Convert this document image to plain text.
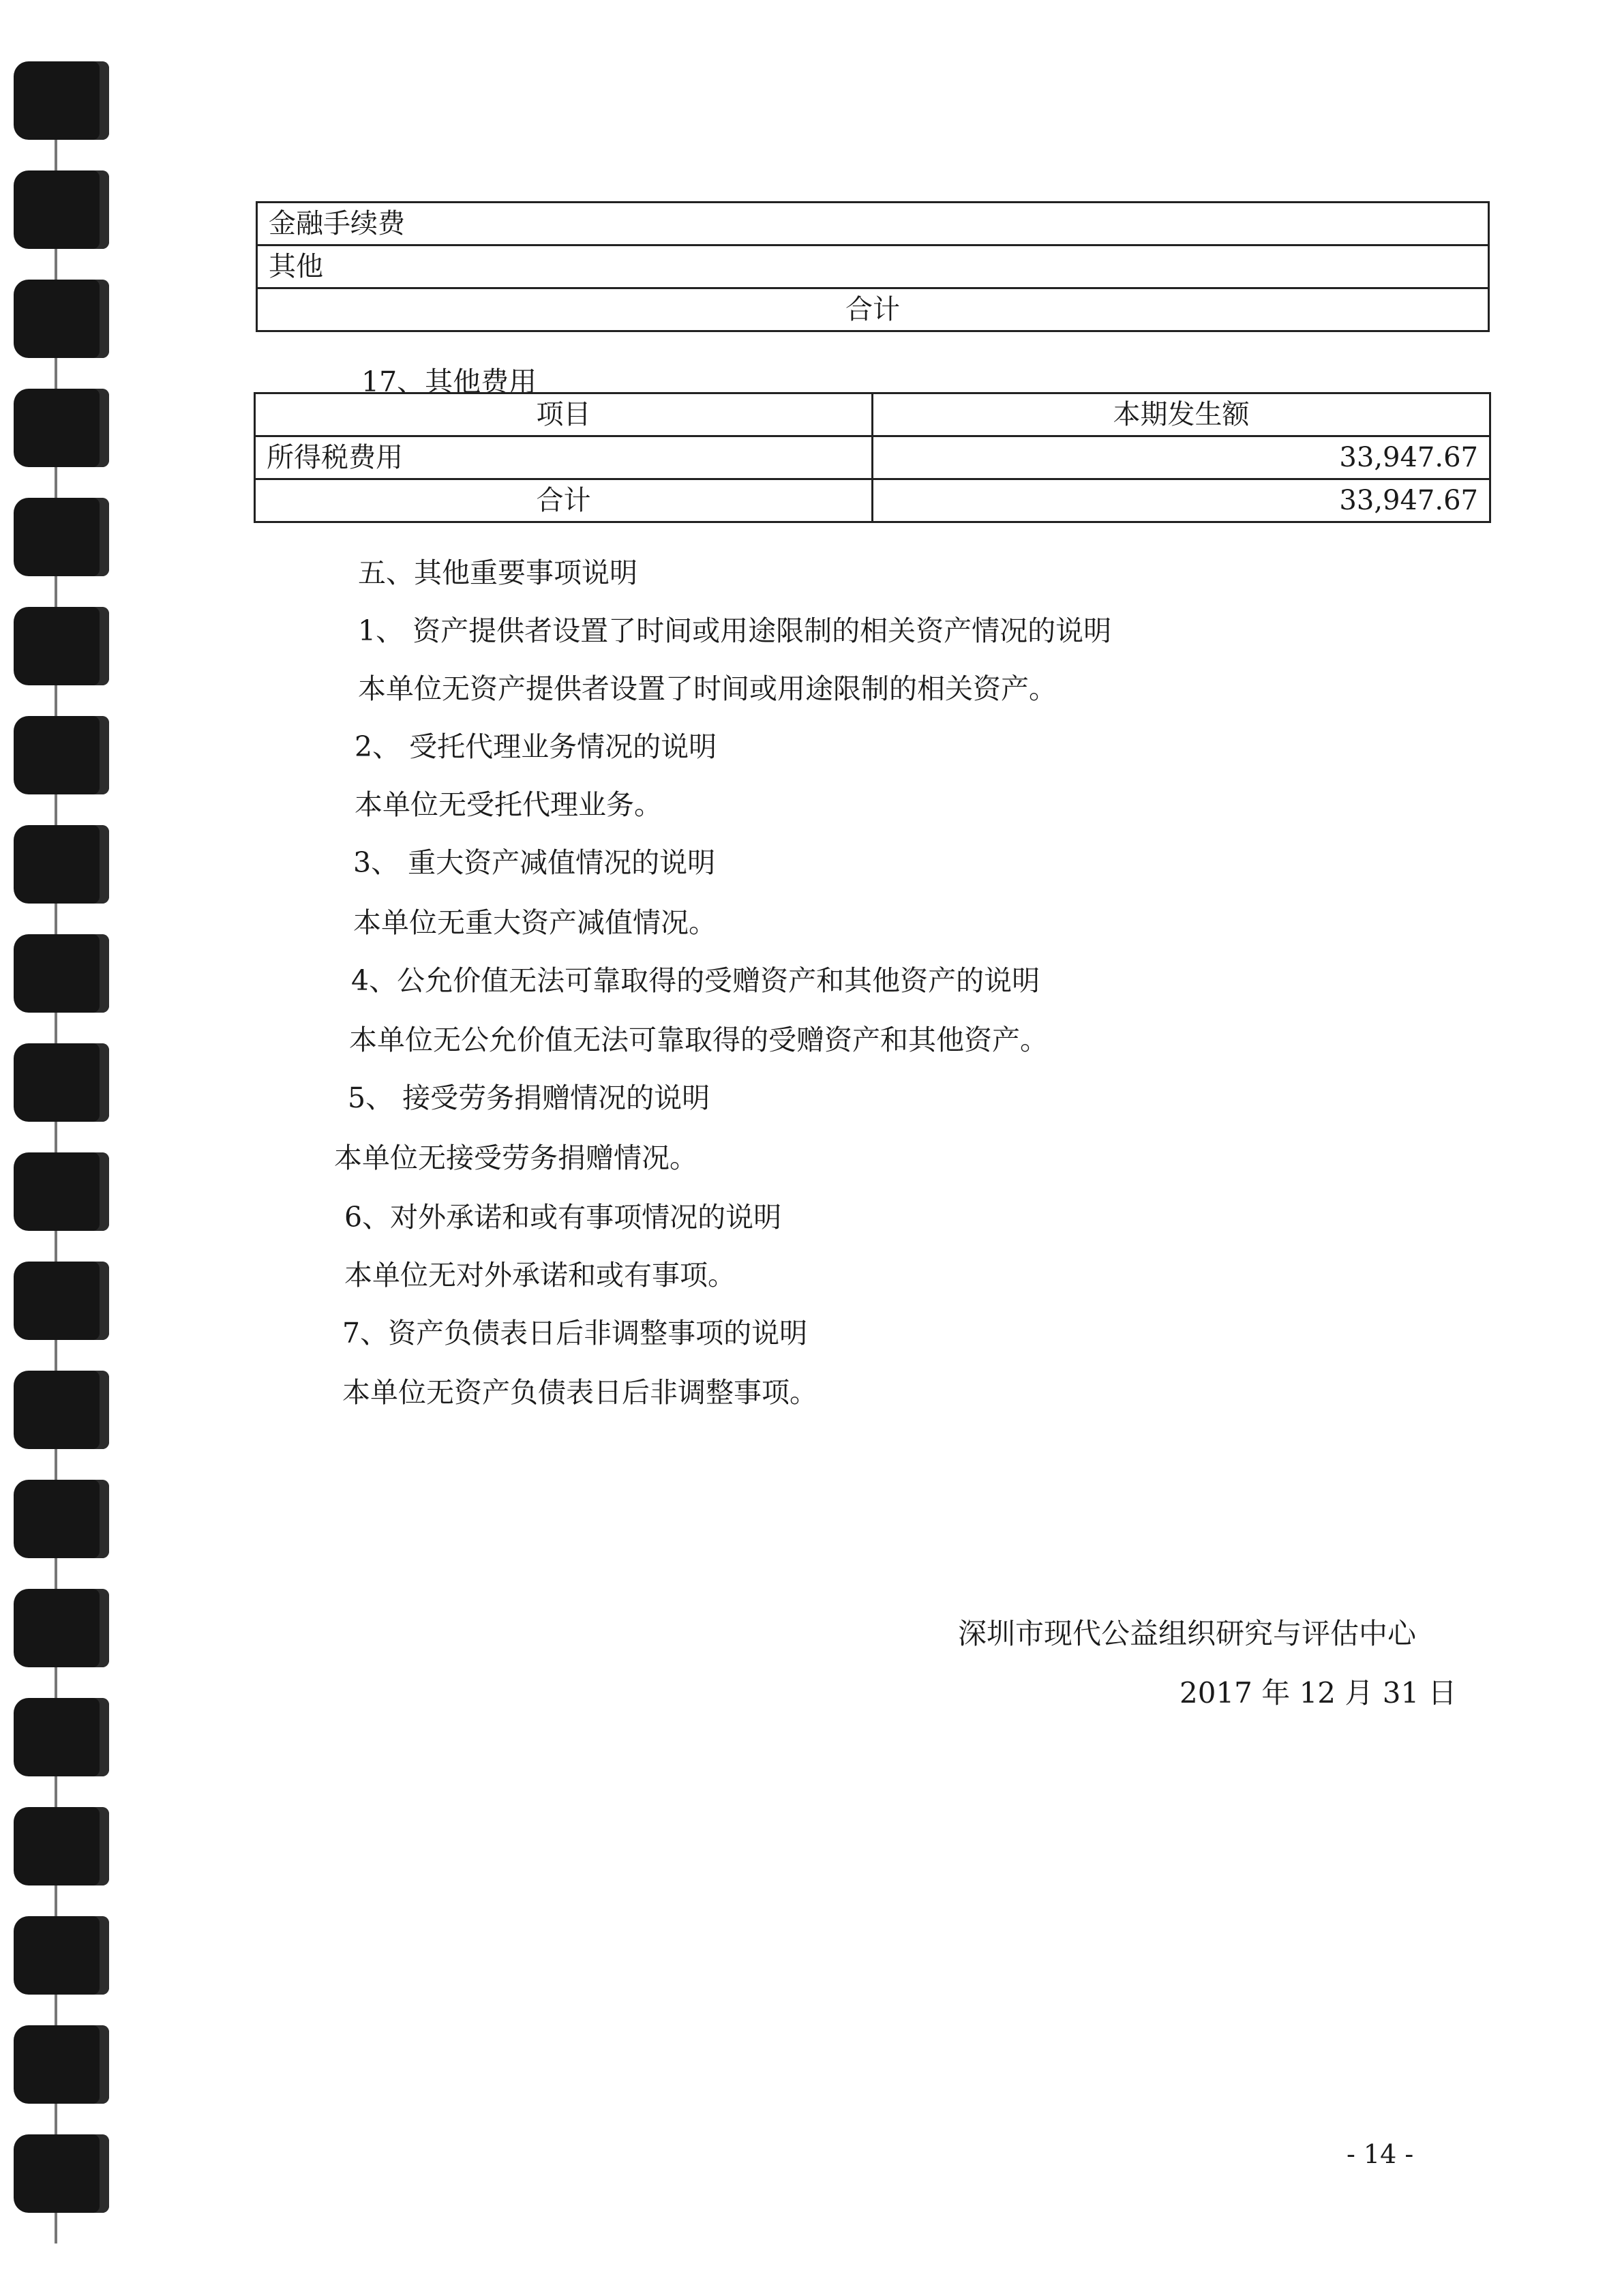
金融手续费
其他
合计
17、其他费用
项目	本期发生额
所得税费用	33,947.67
合计	33,947.67
五、其他重要事项说明
1、 资产提供者设置了时间或用途限制的相关资产情况的说明
本单位无资产提供者设置了时间或用途限制的相关资产。
2、 受托代理业务情况的说明
本单位无受托代理业务。
3、 重大资产减值情况的说明
本单位无重大资产减值情况。
4、公允价值无法可靠取得的受赠资产和其他资产的说明
本单位无公允价值无法可靠取得的受赠资产和其他资产。
5、 接受劳务捐赠情况的说明
本单位无接受劳务捐赠情况。
6、对外承诺和或有事项情况的说明
本单位无对外承诺和或有事项。
7、资产负债表日后非调整事项的说明
本单位无资产负债表日后非调整事项。
深圳市现代公益组织研究与评估中心
2017 年 12 月 31 日
- 14 -
